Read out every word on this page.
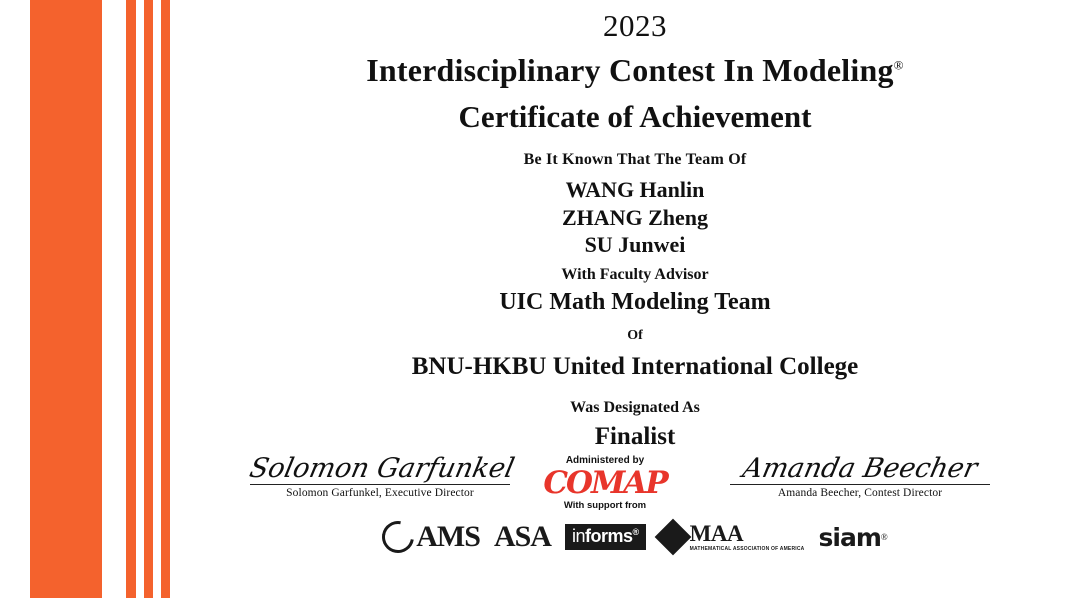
2023
Interdisciplinary Contest In Modeling®
Certificate of Achievement
Be It Known That The Team Of
WANG Hanlin
ZHANG Zheng
SU Junwei
With Faculty Advisor
UIC Math Modeling Team
Of
BNU-HKBU United International College
Was Designated As
Finalist
Solomon Garfunkel
Solomon Garfunkel, Executive Director
Amanda Beecher
Amanda Beecher, Contest Director
Administered by
COMAP
With support from
AMS ASA	informs®	MAA
MATHEMATICAL ASSOCIATION OF AMERICA siam ®
